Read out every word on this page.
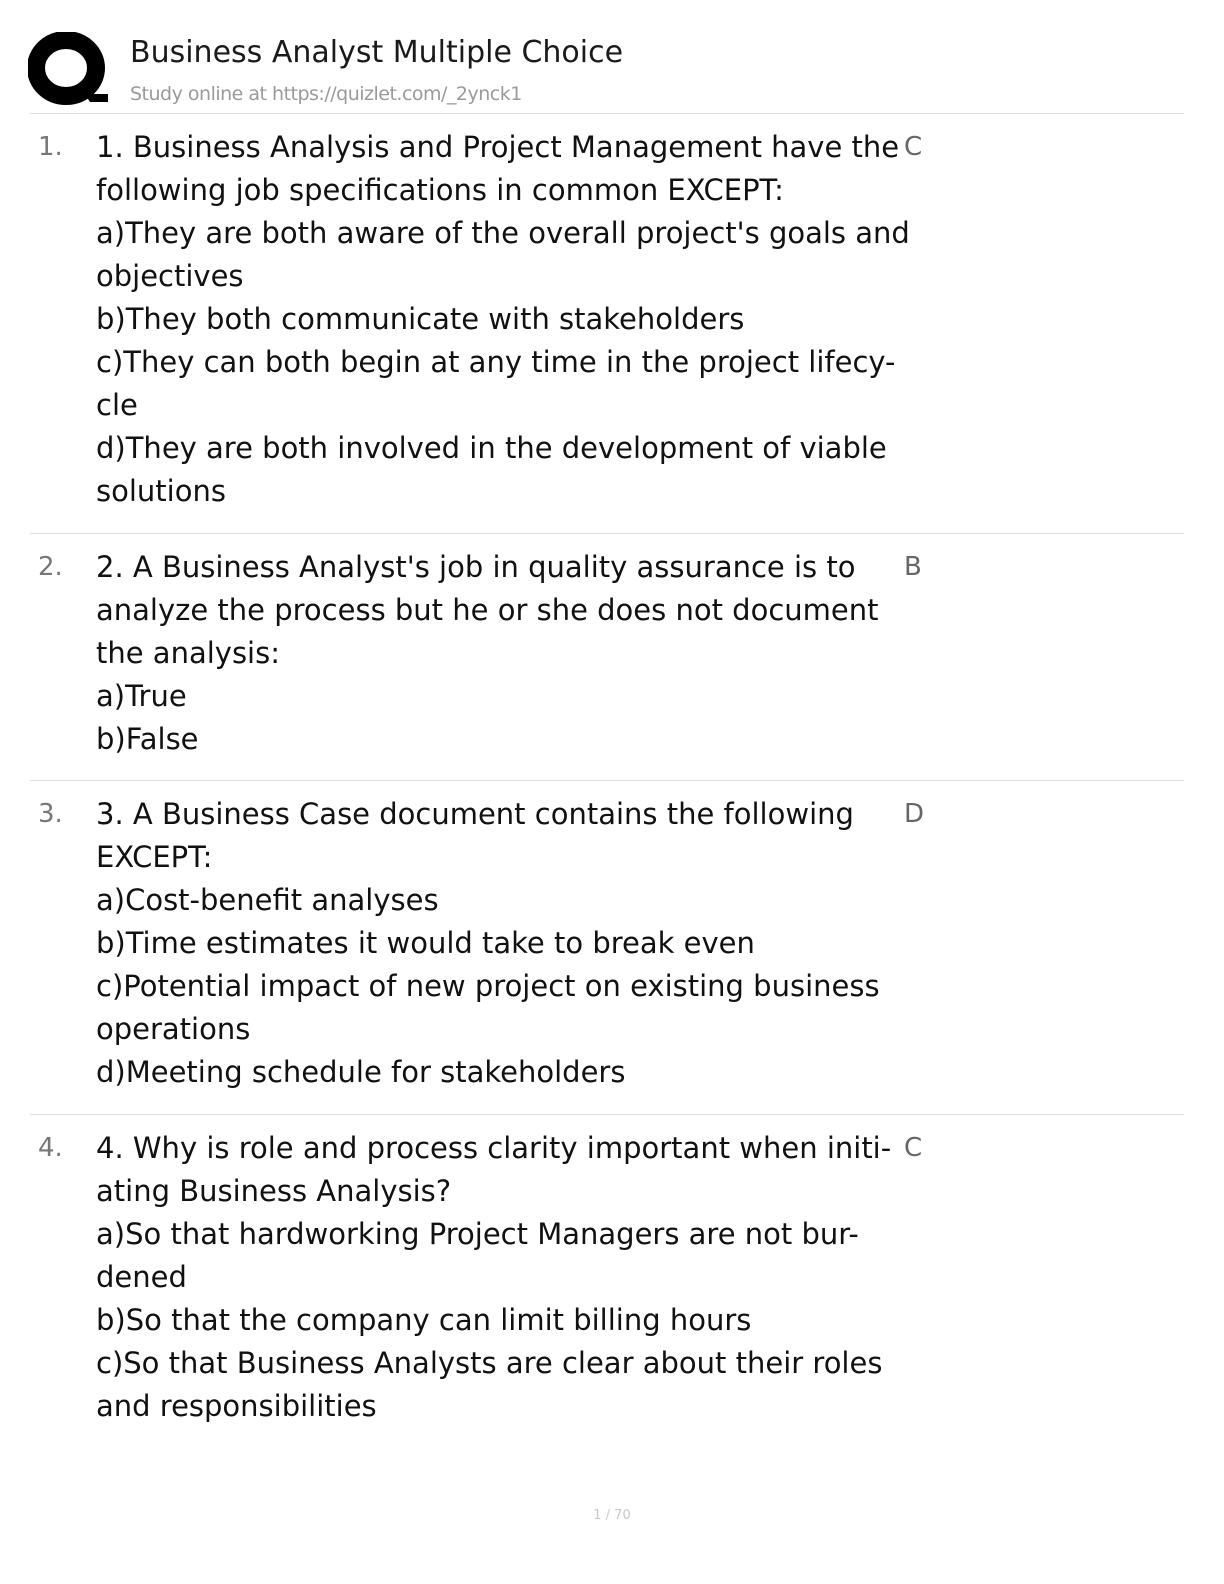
Business Analyst Multiple Choice
Study online at https://quizlet.com/_2ynck1
1. 1. Business Analysis and Project Management have the
following job specifications in common EXCEPT:
a)They are both aware of the overall project's goals and
objectives
b)They both communicate with stakeholders
c)They can both begin at any time in the project lifecy-
cle
d)They are both involved in the development of viable
solutions
C
2. 2. A Business Analyst's job in quality assurance is to
analyze the process but he or she does not document
the analysis:
a)True
b)False
B
3. 3. A Business Case document contains the following
EXCEPT:
a)Cost-benefit analyses
b)Time estimates it would take to break even
c)Potential impact of new project on existing business
operations
d)Meeting schedule for stakeholders
D
4. 4. Why is role and process clarity important when initi-
ating Business Analysis?
a)So that hardworking Project Managers are not bur-
dened
b)So that the company can limit billing hours
c)So that Business Analysts are clear about their roles
and responsibilities
C
1 / 70
